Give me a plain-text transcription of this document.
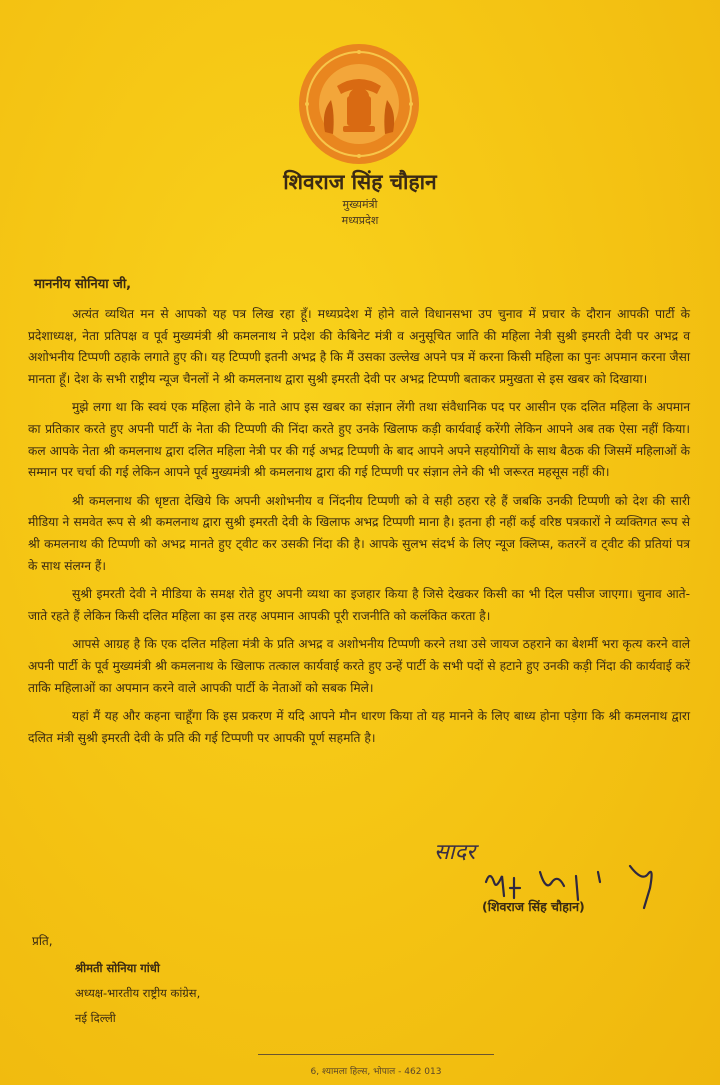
शिवराज सिंह चौहान
मुख्यमंत्री
मध्यप्रदेश
माननीय सोनिया जी,

अत्यंत व्यथित मन से आपको यह पत्र लिख रहा हूँ। मध्यप्रदेश में होने वाले विधानसभा उप चुनाव में प्रचार के दौरान आपकी पार्टी के प्रदेशाध्यक्ष, नेता प्रतिपक्ष व पूर्व मुख्यमंत्री श्री कमलनाथ ने प्रदेश की केबिनेट मंत्री व अनुसूचित जाति की महिला नेत्री सुश्री इमरती देवी पर अभद्र व अशोभनीय टिप्पणी ठहाके लगाते हुए की। यह टिप्पणी इतनी अभद्र है कि मैं उसका उल्लेख अपने पत्र में करना किसी महिला का पुनः अपमान करना जैसा मानता हूँ। देश के सभी राष्ट्रीय न्यूज चैनलों ने श्री कमलनाथ द्वारा सुश्री इमरती देवी पर अभद्र टिप्पणी बताकर प्रमुखता से इस खबर को दिखाया।

मुझे लगा था कि स्वयं एक महिला होने के नाते आप इस खबर का संज्ञान लेंगी तथा संवैधानिक पद पर आसीन एक दलित महिला के अपमान का प्रतिकार करते हुए अपनी पार्टी के नेता की टिप्पणी की निंदा करते हुए उनके खिलाफ कड़ी कार्यवाई करेंगी लेकिन आपने अब तक ऐसा नहीं किया। कल आपके नेता श्री कमलनाथ द्वारा दलित महिला नेत्री पर की गई अभद्र टिप्पणी के बाद आपने अपने सहयोगियों के साथ बैठक की जिसमें महिलाओं के सम्मान पर चर्चा की गई लेकिन आपने पूर्व मुख्यमंत्री श्री कमलनाथ द्वारा की गई टिप्पणी पर संज्ञान लेने की भी जरूरत महसूस नहीं की।

श्री कमलनाथ की धृष्टता देखिये कि अपनी अशोभनीय व निंदनीय टिप्पणी को वे सही ठहरा रहे हैं जबकि उनकी टिप्पणी को देश की सारी मीडिया ने समवेत रूप से श्री कमलनाथ द्वारा सुश्री इमरती देवी के खिलाफ अभद्र टिप्पणी माना है। इतना ही नहीं कई वरिष्ठ पत्रकारों ने व्यक्तिगत रूप से श्री कमलनाथ की टिप्पणी को अभद्र मानते हुए ट्वीट कर उसकी निंदा की है। आपके सुलभ संदर्भ के लिए न्यूज क्लिप्स, कतरनें व ट्वीट की प्रतियां पत्र के साथ संलग्न हैं।

सुश्री इमरती देवी ने मीडिया के समक्ष रोते हुए अपनी व्यथा का इजहार किया है जिसे देखकर किसी का भी दिल पसीज जाएगा। चुनाव आते-जाते रहते हैं लेकिन किसी दलित महिला का इस तरह अपमान आपकी पूरी राजनीति को कलंकित करता है।

आपसे आग्रह है कि एक दलित महिला मंत्री के प्रति अभद्र व अशोभनीय टिप्पणी करने तथा उसे जायज ठहराने का बेशर्मी भरा कृत्य करने वाले अपनी पार्टी के पूर्व मुख्यमंत्री श्री कमलनाथ के खिलाफ तत्काल कार्यवाई करते हुए उन्हें पार्टी के सभी पदों से हटाने हुए उनकी कड़ी निंदा की कार्यवाई करें ताकि महिलाओं का अपमान करने वाले आपकी पार्टी के नेताओं को सबक मिले।

यहां मैं यह और कहना चाहूँगा कि इस प्रकरण में यदि आपने मौन धारण किया तो यह मानने के लिए बाध्य होना पड़ेगा कि श्री कमलनाथ द्वारा दलित मंत्री सुश्री इमरती देवी के प्रति की गई टिप्पणी पर आपकी पूर्ण सहमति है।

सादर
(शिवराज सिंह चौहान)
प्रति,
श्रीमती सोनिया गांधी
अध्यक्ष-भारतीय राष्ट्रीय कांग्रेस,
नई दिल्ली
6, श्यामला हिल्स, भोपाल - 462 013
